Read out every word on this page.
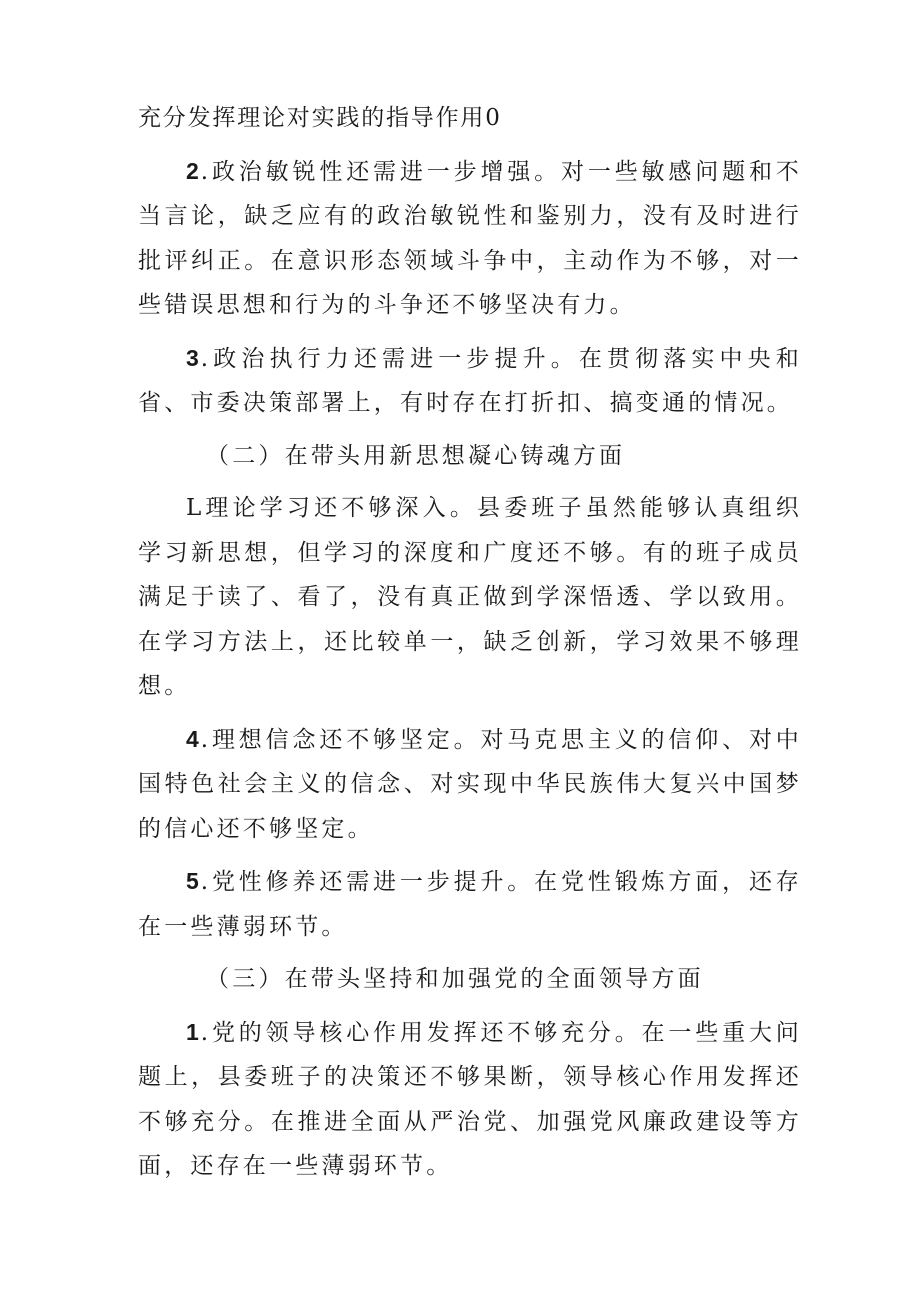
充分发挥理论对实践的指导作用0

2.政治敏锐性还需进一步增强。对一些敏感问题和不当言论，缺乏应有的政治敏锐性和鉴别力，没有及时进行批评纠正。在意识形态领域斗争中，主动作为不够，对一些错误思想和行为的斗争还不够坚决有力。

3.政治执行力还需进一步提升。在贯彻落实中央和省、市委决策部署上，有时存在打折扣、搞变通的情况。

（二）在带头用新思想凝心铸魂方面

L理论学习还不够深入。县委班子虽然能够认真组织学习新思想，但学习的深度和广度还不够。有的班子成员满足于读了、看了，没有真正做到学深悟透、学以致用。在学习方法上，还比较单一，缺乏创新，学习效果不够理想。

4.理想信念还不够坚定。对马克思主义的信仰、对中国特色社会主义的信念、对实现中华民族伟大复兴中国梦的信心还不够坚定。

5.党性修养还需进一步提升。在党性锻炼方面，还存在一些薄弱环节。

（三）在带头坚持和加强党的全面领导方面

1.党的领导核心作用发挥还不够充分。在一些重大问题上，县委班子的决策还不够果断，领导核心作用发挥还不够充分。在推进全面从严治党、加强党风廉政建设等方面，还存在一些薄弱环节。
